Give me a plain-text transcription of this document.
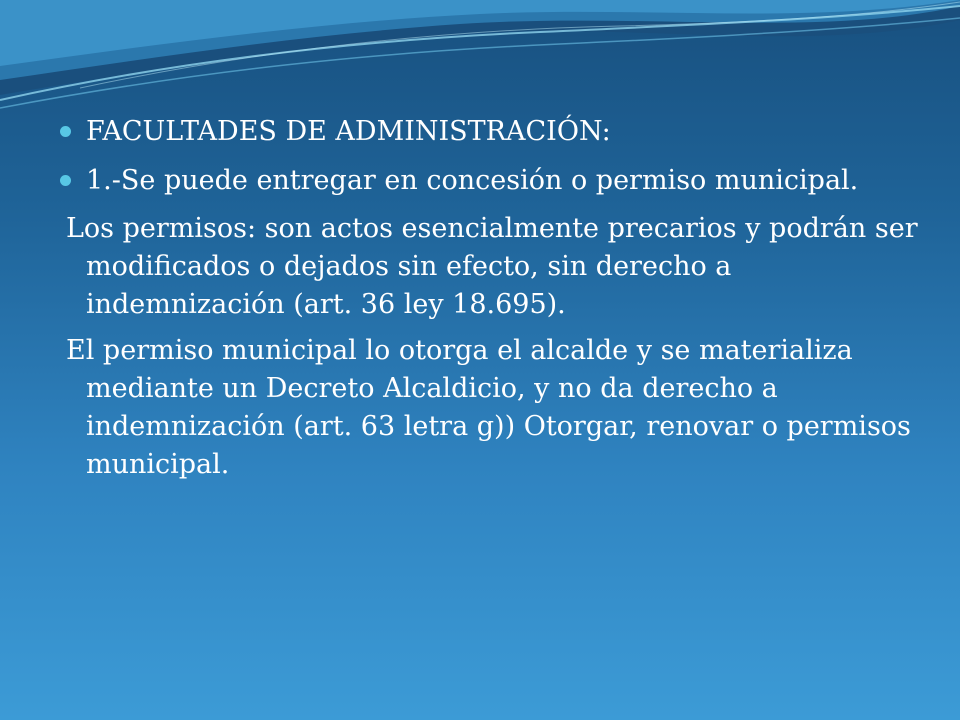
FACULTADES DE ADMINISTRACIÓN:
1.-Se puede entregar en concesión o permiso municipal.
Los permisos: son actos esencialmente precarios y podrán ser modificados o dejados sin efecto, sin derecho a indemnización (art. 36 ley 18.695).
El permiso municipal lo otorga el alcalde y se materializa mediante un Decreto Alcaldicio, y no da derecho a indemnización (art. 63 letra g)) Otorgar, renovar o permisos municipal.
